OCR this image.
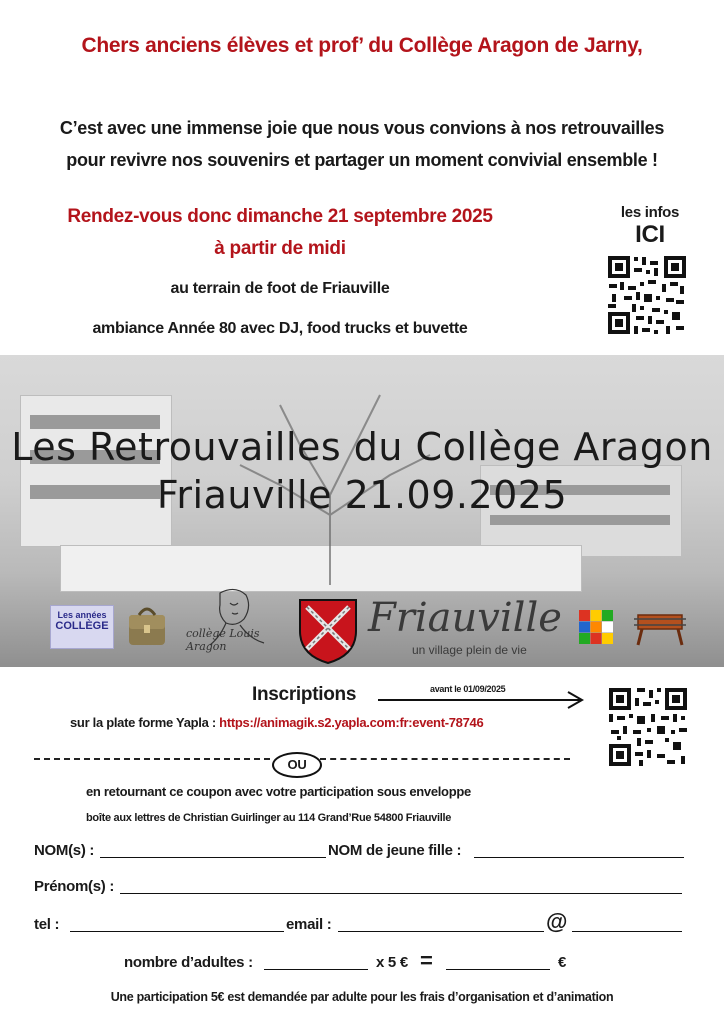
Chers anciens élèves et prof’ du Collège Aragon de Jarny,
C’est avec une immense joie que nous vous convions à nos retrouvailles
pour revivre nos souvenirs et partager un moment convivial ensemble !
Rendez-vous donc dimanche 21 septembre 2025
à partir de midi
au terrain de foot de Friauville
ambiance Année 80 avec DJ, food trucks et buvette
les infos
ICI
Les Retrouvailles du Collège Aragon
Friauville 21.09.2025
Les années
COLLÈGE
collège Louis Aragon
Friauville
un village plein de vie
Inscriptions	avant le 01/09/2025
sur la plate forme Yapla : https://animagik.s2.yapla.com:fr:event-78746
OU
en retournant ce coupon avec votre participation sous enveloppe
boîte aux lettres de Christian Guirlinger au 114 Grand’Rue 54800 Friauville
NOM(s) :	NOM de jeune fille :
Prénom(s) :
tel :	email :	@
nombre d’adultes :	x 5 € =	€
Une participation 5€ est demandée par adulte pour les frais d’organisation et d’animation
